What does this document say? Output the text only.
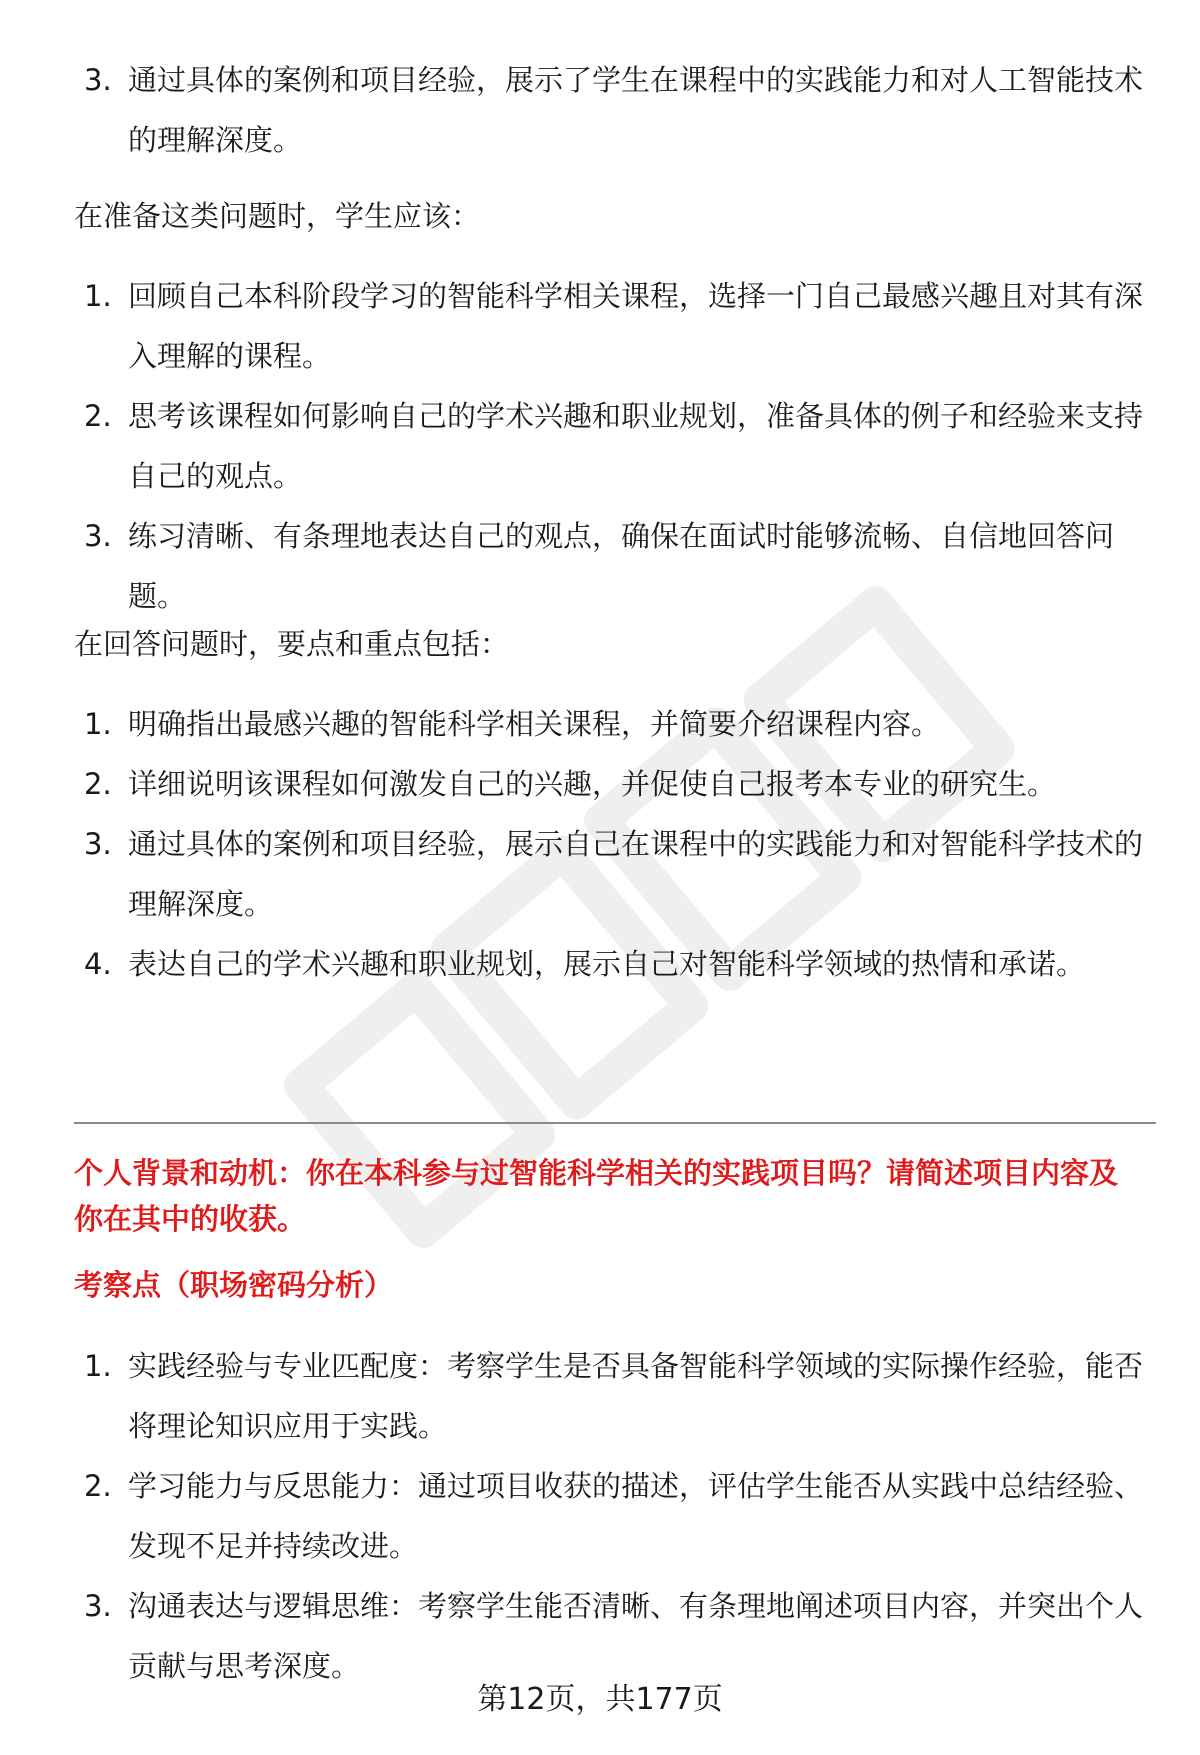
3. 通过具体的案例和项目经验，展示了学生在课程中的实践能力和对人工智能技术的理解深度。

在准备这类问题时，学生应该：

1. 回顾自己本科阶段学习的智能科学相关课程，选择一门自己最感兴趣且对其有深入理解的课程。
2. 思考该课程如何影响自己的学术兴趣和职业规划，准备具体的例子和经验来支持自己的观点。
3. 练习清晰、有条理地表达自己的观点，确保在面试时能够流畅、自信地回答问题。

在回答问题时，要点和重点包括：

1. 明确指出最感兴趣的智能科学相关课程，并简要介绍课程内容。
2. 详细说明该课程如何激发自己的兴趣，并促使自己报考本专业的研究生。
3. 通过具体的案例和项目经验，展示自己在课程中的实践能力和对智能科学技术的理解深度。
4. 表达自己的学术兴趣和职业规划，展示自己对智能科学领域的热情和承诺。
个人背景和动机：你在本科参与过智能科学相关的实践项目吗？请简述项目内容及你在其中的收获。
考察点（职场密码分析）
1. 实践经验与专业匹配度：考察学生是否具备智能科学领域的实际操作经验，能否将理论知识应用于实践。
2. 学习能力与反思能力：通过项目收获的描述，评估学生能否从实践中总结经验、发现不足并持续改进。
3. 沟通表达与逻辑思维：考察学生能否清晰、有条理地阐述项目内容，并突出个人贡献与思考深度。
第12页，共177页
